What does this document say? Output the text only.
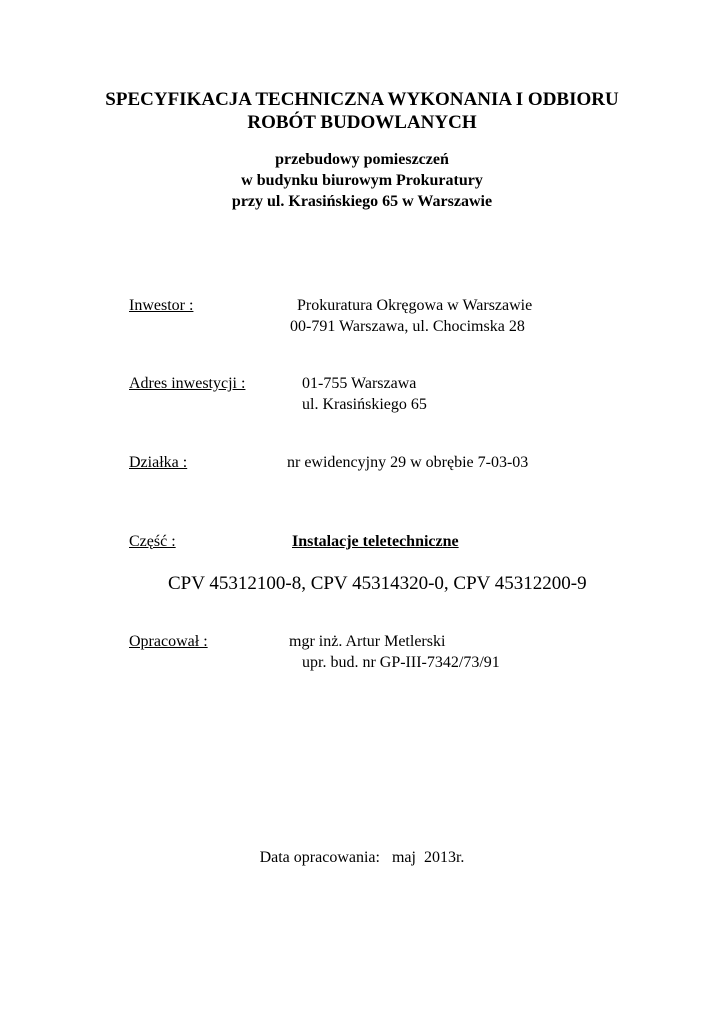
SPECYFIKACJA TECHNICZNA WYKONANIA I ODBIORU
ROBÓT BUDOWLANYCH
przebudowy pomieszczeń
w budynku biurowym Prokuratury
przy ul. Krasińskiego 65 w Warszawie
Inwestor :	Prokuratura Okręgowa w Warszawie
00-791 Warszawa, ul. Chocimska 28
Adres inwestycji :	01-755 Warszawa
ul. Krasińskiego 65
Działka :	nr ewidencyjny 29 w obrębie 7-03-03
Część :	Instalacje teletechniczne
CPV 45312100-8, CPV 45314320-0, CPV 45312200-9
Opracował :	mgr inż. Artur Metlerski
upr. bud. nr GP-III-7342/73/91
Data opracowania:   maj  2013r.
